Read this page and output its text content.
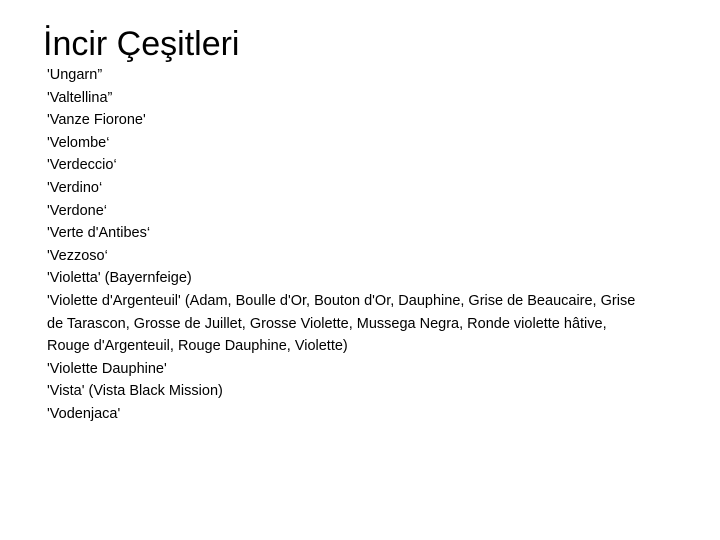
İncir Çeşitleri
'Ungarn”
'Valtellina”
'Vanze Fiorone'
'Velombe‘
'Verdeccio‘
'Verdino‘
'Verdone‘
'Verte d'Antibes‘
'Vezzoso‘
'Violetta' (Bayernfeige)
'Violette d'Argenteuil' (Adam, Boulle d'Or, Bouton d'Or, Dauphine, Grise de Beaucaire, Grise de Tarascon, Grosse de Juillet, Grosse Violette, Mussega Negra, Ronde violette hâtive, Rouge d'Argenteuil, Rouge Dauphine, Violette)
'Violette Dauphine'
'Vista' (Vista Black Mission)
'Vodenjaca'
